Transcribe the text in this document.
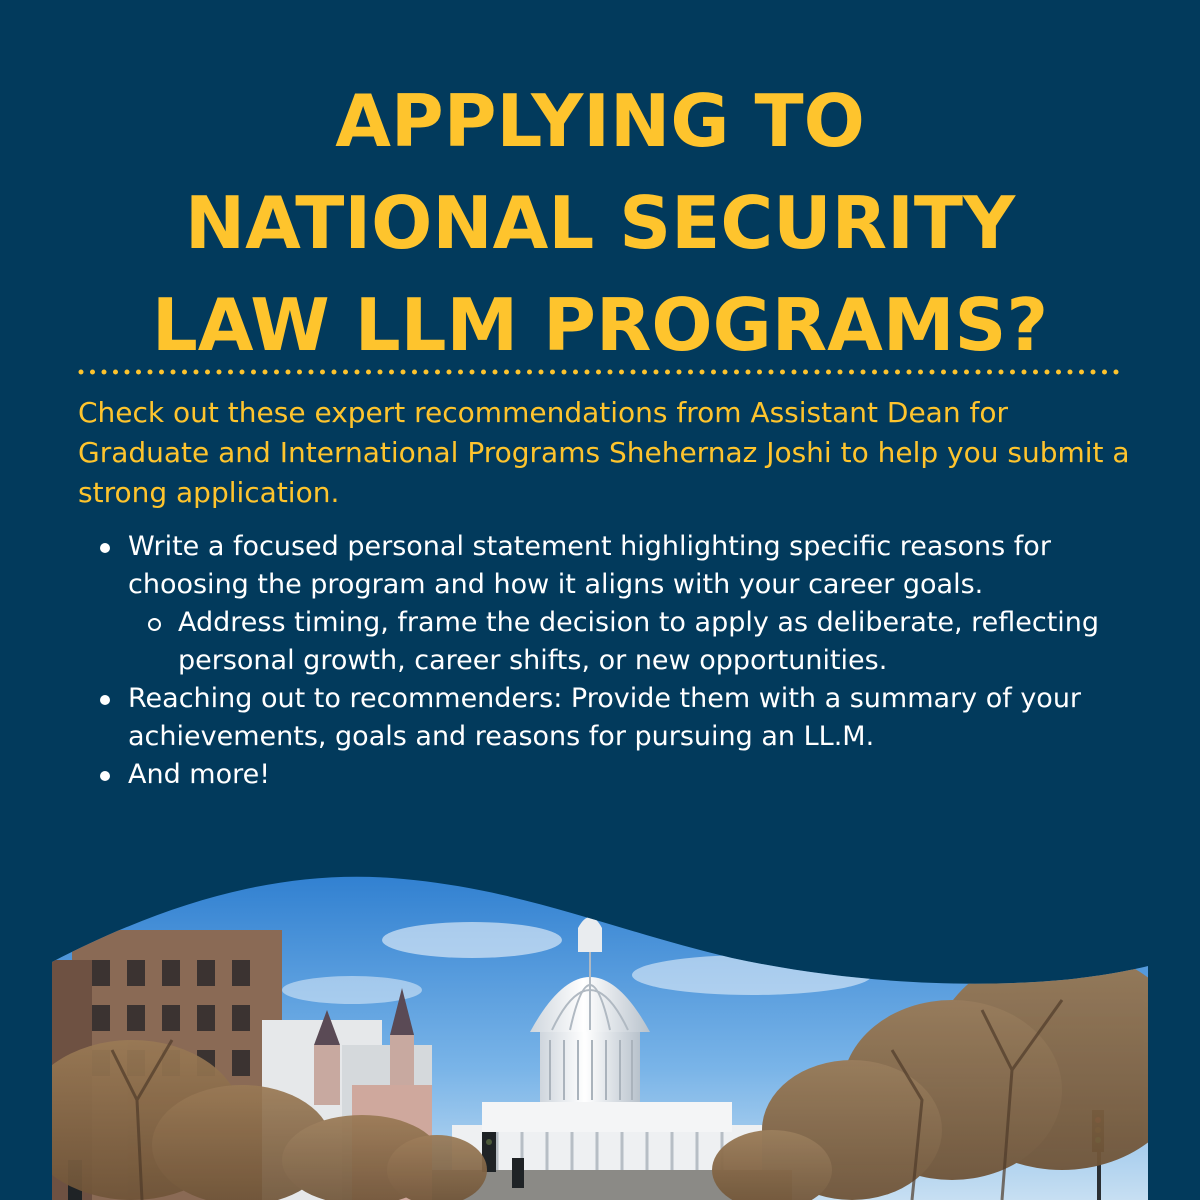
APPLYING TO
NATIONAL SECURITY
LAW LLM PROGRAMS?

Check out these expert recommendations from Assistant Dean for Graduate and International Programs Shehernaz Joshi to help you submit a strong application.

Write a focused personal statement highlighting specific reasons for choosing the program and how it aligns with your career goals.
Address timing, frame the decision to apply as deliberate, reflecting personal growth, career shifts, or new opportunities.
Reaching out to recommenders: Provide them with a summary of your achievements, goals and reasons for pursuing an LL.M.
And more!
